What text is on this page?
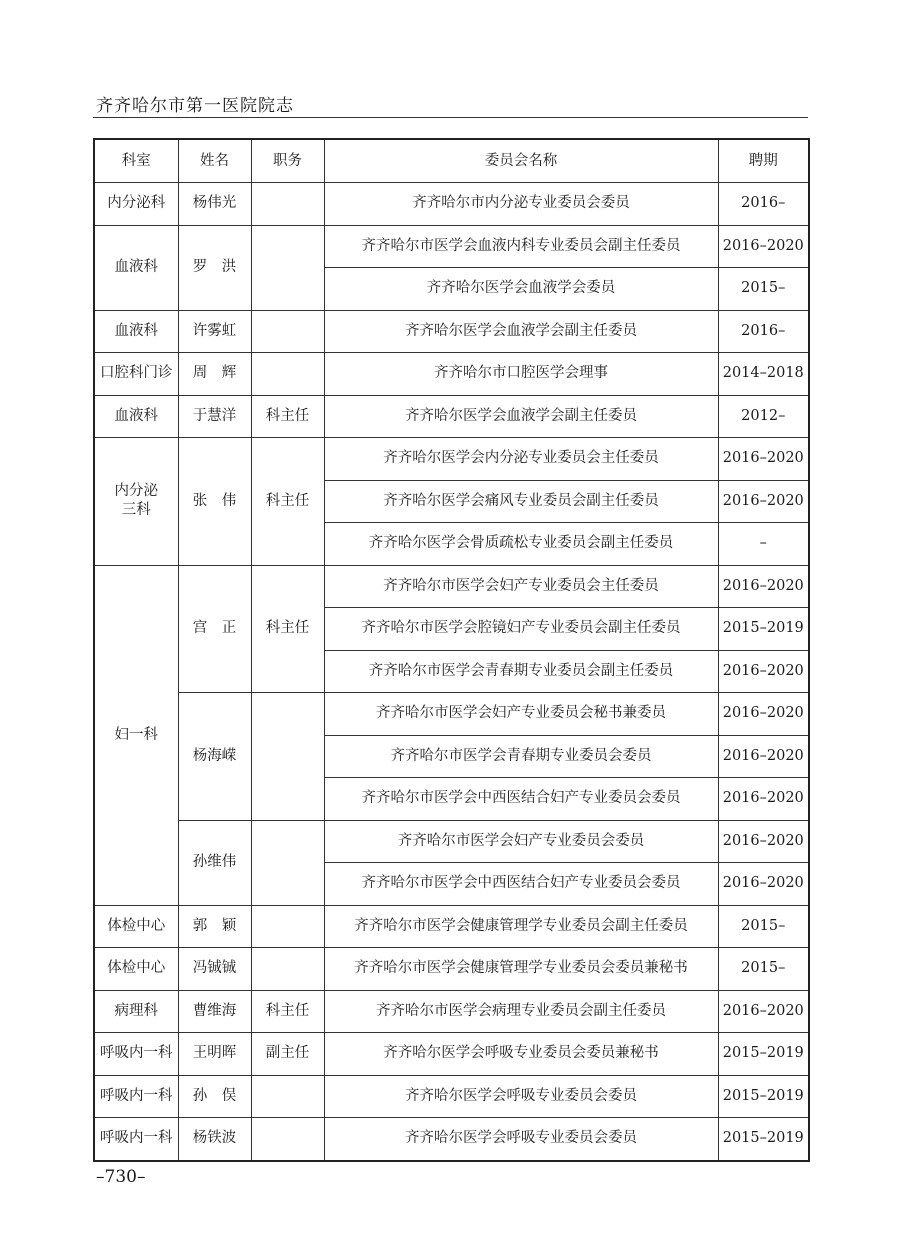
齐齐哈尔市第一医院院志
科室	姓名	职务	委员会名称	聘期
内分泌科	杨伟光		齐齐哈尔市内分泌专业委员会委员	2016–
血液科	罗　洪		齐齐哈尔市医学会血液内科专业委员会副主任委员	2016–2020
			齐齐哈尔医学会血液学会委员	2015–
血液科	许雾虹		齐齐哈尔医学会血液学会副主任委员	2016–
口腔科门诊	周　辉		齐齐哈尔市口腔医学会理事	2014–2018
血液科	于慧洋	科主任	齐齐哈尔医学会血液学会副主任委员	2012–
内分泌三科	张　伟	科主任	齐齐哈尔医学会内分泌专业委员会主任委员	2016–2020
			齐齐哈尔医学会痛风专业委员会副主任委员	2016–2020
			齐齐哈尔医学会骨质疏松专业委员会副主任委员	–
妇一科	宫　正	科主任	齐齐哈尔市医学会妇产专业委员会主任委员	2016–2020
			齐齐哈尔市医学会腔镜妇产专业委员会副主任委员	2015–2019
			齐齐哈尔市医学会青春期专业委员会副主任委员	2016–2020
	杨海嵘		齐齐哈尔市医学会妇产专业委员会秘书兼委员	2016–2020
			齐齐哈尔市医学会青春期专业委员会委员	2016–2020
			齐齐哈尔市医学会中西医结合妇产专业委员会委员	2016–2020
	孙维伟		齐齐哈尔市医学会妇产专业委员会委员	2016–2020
			齐齐哈尔市医学会中西医结合妇产专业委员会委员	2016–2020
体检中心	郭　颖		齐齐哈尔市医学会健康管理学专业委员会副主任委员	2015–
体检中心	冯铖铖		齐齐哈尔市医学会健康管理学专业委员会委员兼秘书	2015–
病理科	曹维海	科主任	齐齐哈尔市医学会病理专业委员会副主任委员	2016–2020
呼吸内一科	王明晖	副主任	齐齐哈尔医学会呼吸专业委员会委员兼秘书	2015–2019
呼吸内一科	孙　俣		齐齐哈尔医学会呼吸专业委员会委员	2015–2019
呼吸内一科	杨铁波		齐齐哈尔医学会呼吸专业委员会委员	2015–2019
–730–
